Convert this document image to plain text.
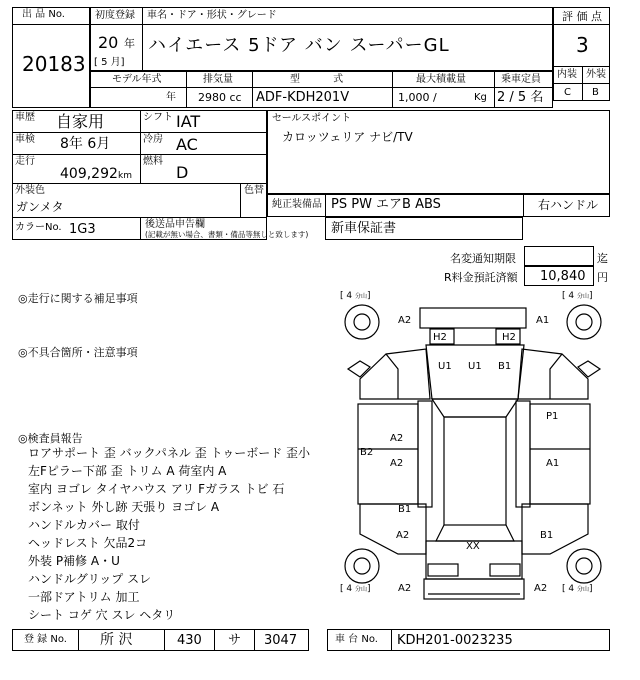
出 品 No.
20183
初度登録 車名・ドア・形状・グレード
20 年
[ 5 月]
ハイエース 5ドア バン スーパーGL
評 価 点
3
内装 外装
C B
モデル年式
年
排気量
2980 cc
型 式
ADF-KDH201V
最大積載量
1,000 /	Kg
乗車定員
2 / 5 名
車歴 自家用	シフト IAT
車検 8年 6月	冷房 AC
走行
409,292 km
燃料
D
外装色
ガンメタ
色替
カラーNo. 1G3	後送品申告欄
(記載が無い場合、書類・備品等無しと致します)
セールスポイント
カロッツェリア ナビ/TV
純正装備品 PS PW エアB ABS	右ハンドル
新車保証書
名変通知期限	迄
R料金預託済額 10,840 円
◎走行に関する補足事項
◎不具合箇所・注意事項
◎検査員報告
ロアサポート 歪 バックパネル 歪 トゥーボード 歪小
左Fピラー下部 歪 トリム A 荷室内 A
室内 ヨゴレ タイヤハウス アリ Fガラス トビ 石
ボンネット 外し跡 天張り ヨゴレ A
ハンドルカバー 取付
ヘッドレスト 欠品2コ
外装 P補修 A・U
ハンドルグリップ スレ
一部ドアトリム 加工
シート コゲ 穴 スレ ヘタリ
[ 4 分山]	[ 4 分山]
[ 4 分山]	[ 4 分山]
A2	A1
H2	H2
U1 U1 B1
P1
A2
B2
A2	A1
B1
A2	B1
XX
A2	A2
登 録 No. 所 沢	430 サ 3047	車 台 No. KDH201-0023235
